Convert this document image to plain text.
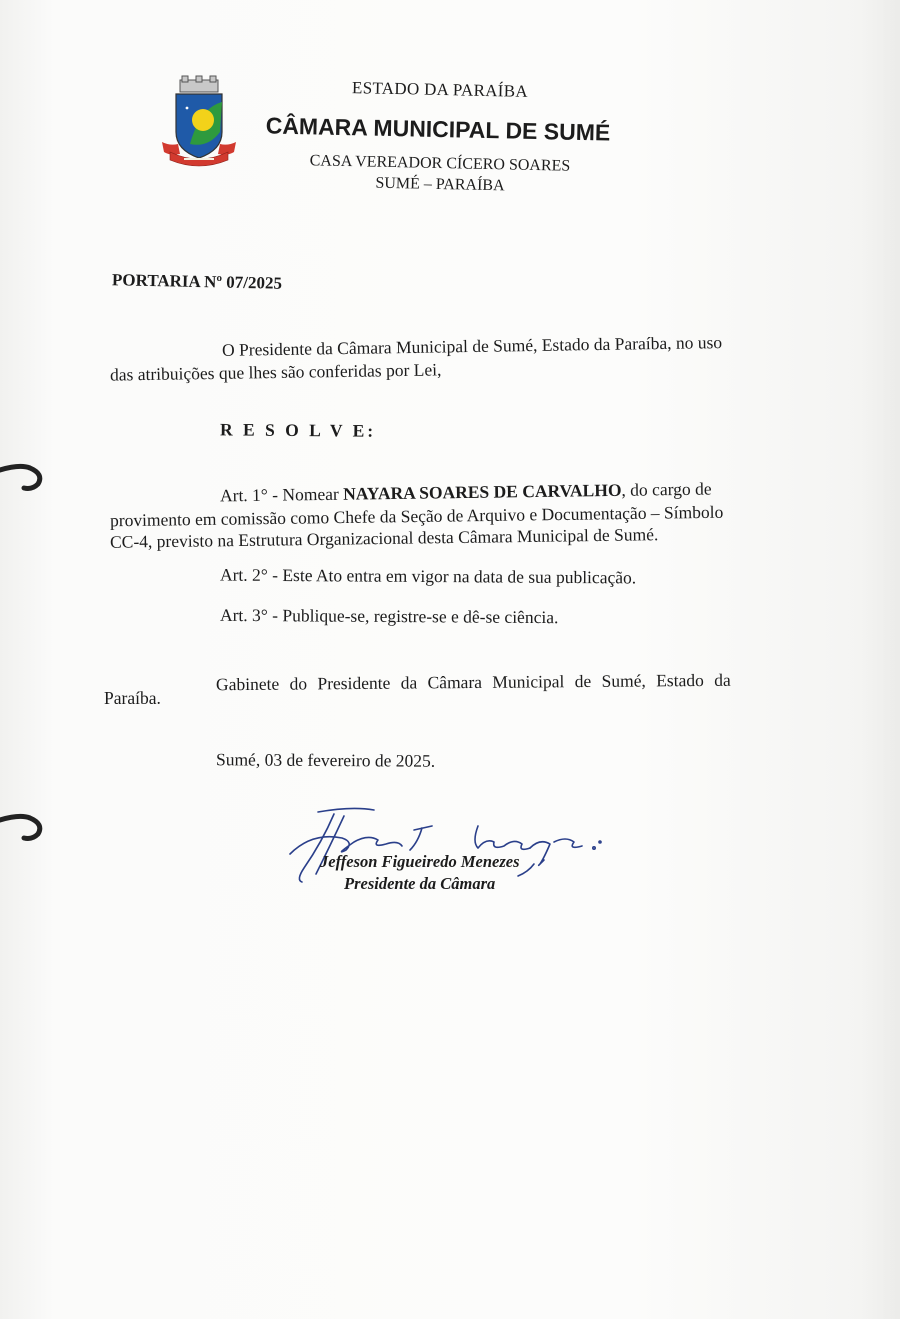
ESTADO DA PARAÍBA
CÂMARA MUNICIPAL DE SUMÉ
CASA VEREADOR CÍCERO SOARES
SUMÉ – PARAÍBA
PORTARIA Nº 07/2025
O Presidente da Câmara Municipal de Sumé, Estado da Paraíba, no uso
das atribuições que lhes são conferidas por Lei,
R E S O L V E:
Art. 1° - Nomear NAYARA SOARES DE CARVALHO, do cargo de
provimento em comissão como Chefe da Seção de Arquivo e Documentação – Símbolo
CC-4, previsto na Estrutura Organizacional desta Câmara Municipal de Sumé.
Art. 2° - Este Ato entra em vigor na data de sua publicação.
Art. 3° - Publique-se, registre-se e dê-se ciência.
Gabinete do Presidente da Câmara Municipal de Sumé, Estado da
Paraíba.
Sumé, 03 de fevereiro de 2025.
Jeffeson Figueiredo Menezes
Presidente da Câmara
